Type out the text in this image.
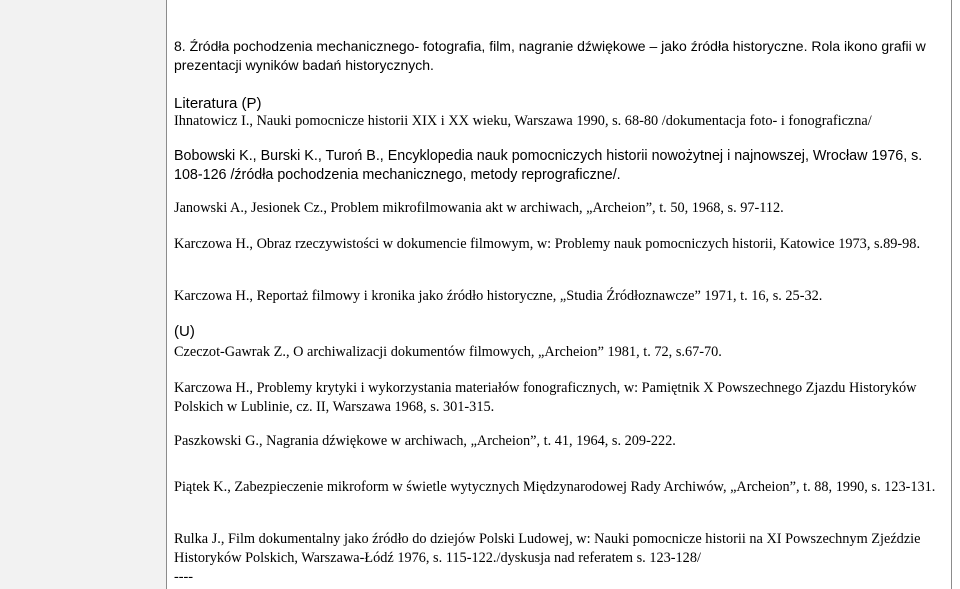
8. Źródła pochodzenia mechanicznego- fotografia, film, nagranie dźwiękowe – jako źródła historyczne. Rola ikono grafii w prezentacji wyników badań historycznych.

Literatura (P)

Ihnatowicz I., Nauki pomocnicze historii XIX i XX wieku, Warszawa 1990, s. 68-80 /dokumentacja foto- i fonograficzna/

Bobowski K., Burski K., Turoń B., Encyklopedia nauk pomocniczych historii nowożytnej i najnowszej, Wrocław 1976, s. 108-126 /źródła pochodzenia mechanicznego, metody reprograficzne/.

Janowski A., Jesionek Cz., Problem mikrofilmowania akt w archiwach, „Archeion”, t. 50, 1968, s. 97-112.

Karczowa H., Obraz rzeczywistości w dokumencie filmowym, w: Problemy nauk pomocniczych historii, Katowice 1973, s.89-98.

Karczowa H., Reportaż filmowy i kronika jako źródło historyczne, „Studia Źródłoznawcze” 1971, t. 16, s. 25-32.

(U)

Czeczot-Gawrak Z., O archiwalizacji dokumentów filmowych, „Archeion” 1981, t. 72, s.67-70.

Karczowa H., Problemy krytyki i wykorzystania materiałów fonograficznych, w: Pamiętnik X Powszechnego Zjazdu Historyków Polskich w Lublinie, cz. II, Warszawa 1968, s. 301-315.

Paszkowski G., Nagrania dźwiękowe w archiwach, „Archeion”, t. 41, 1964, s. 209-222.

Piątek K., Zabezpieczenie mikroform w świetle wytycznych Międzynarodowej Rady Archiwów, „Archeion”, t. 88, 1990, s. 123-131.

Rulka J., Film dokumentalny jako źródło do dziejów Polski Ludowej, w: Nauki pomocnicze historii na XI Powszechnym Zjeździe Historyków Polskich, Warszawa-Łódź 1976, s. 115-122./dyskusja nad referatem s. 123-128/

----
